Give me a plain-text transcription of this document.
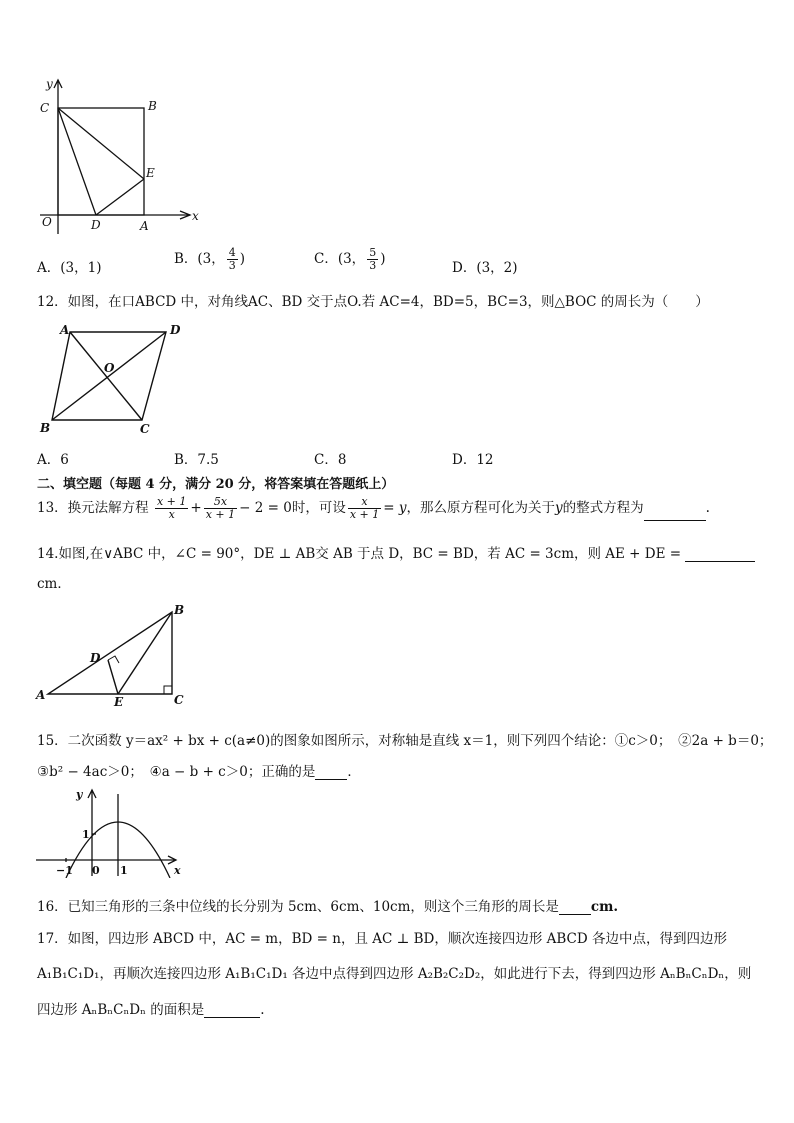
y
x
C	B
E
O	D	A
A．(3，1)
B．(3， $\frac{4}{3}$ )	C．(3， $\frac{5}{3}$ )
D．(3，2)
12．如图，在口ABCD 中，对角线AC、BD 交于点O.若 AC=4，BD=5，BC=3，则△BOC 的周长为（　　）
A	D
O
B	C
A．6	B．7.5	C．8	D．12
二、填空题（每题 4 分，满分 20 分，将答案填在答题纸上）
13．换元法解方程 $\frac{x + 1}{x} + \frac{5x}{x + 1} - 2 = 0$时，可设 $\frac{x}{x + 1} = y$，那么原方程可化为关于y的整式方程为	.
14.如图,在∨ABC 中，∠C = 90°，DE ⊥ AB交 AB 于点 D，BC = BD，若 AC = 3cm，则 AE + DE =
cm．
B
D
A	E	C
15．二次函数 y＝ax² + bx + c(a≠0)的图象如图所示，对称轴是直线 x＝1，则下列四个结论：①c＞0；　②2a + b＝0；
③b² − 4ac＞0；　④a − b + c＞0；正确的是 ．
y
x
1
−1 0 1
16．已知三角形的三条中位线的长分别为 5cm、6cm、10cm，则这个三角形的周长是 cm.
17．如图，四边形 ABCD 中，AC = m，BD = n，且 AC ⊥ BD，顺次连接四边形 ABCD 各边中点，得到四边形
A₁B₁C₁D₁，再顺次连接四边形 A₁B₁C₁D₁ 各边中点得到四边形 A₂B₂C₂D₂，如此进行下去，得到四边形 AₙBₙCₙDₙ，则
四边形 AₙBₙCₙDₙ 的面积是	.
